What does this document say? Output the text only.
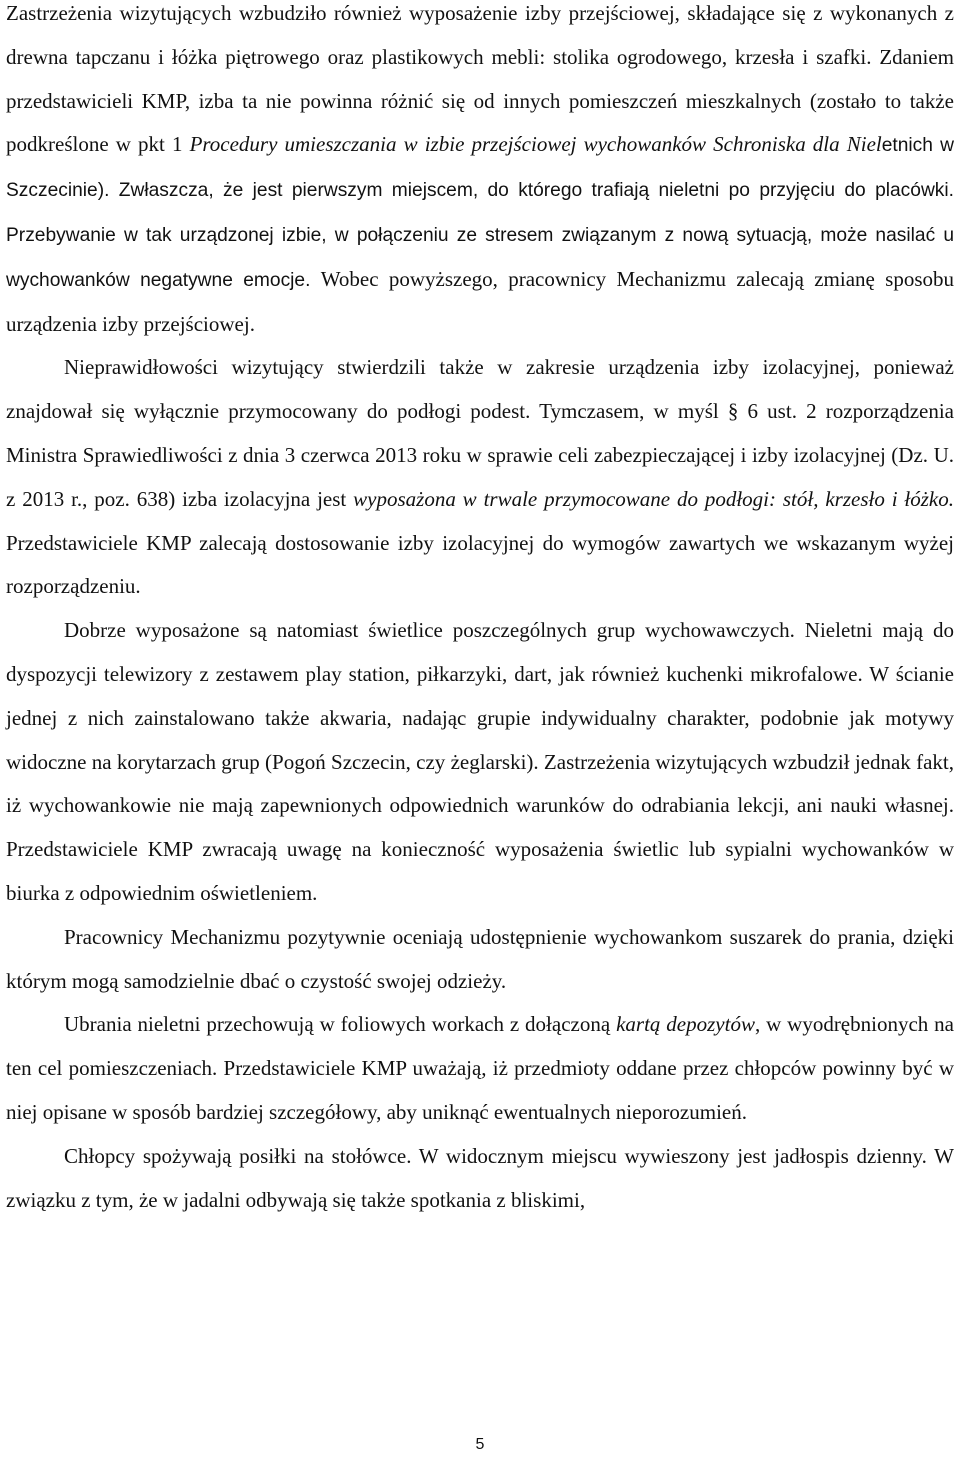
Zastrzeżenia wizytujących wzbudziło również wyposażenie izby przejściowej, składające się z wykonanych z drewna tapczanu i łóżka piętrowego oraz plastikowych mebli: stolika ogrodowego, krzesła i szafki. Zdaniem przedstawicieli KMP, izba ta nie powinna różnić się od innych pomieszczeń mieszkalnych (zostało to także podkreślone w pkt 1 Procedury umieszczania w izbie przejściowej wychowanków Schroniska dla Nieletnich w Szczecinie). Zwłaszcza, że jest pierwszym miejscem, do którego trafiają nieletni po przyjęciu do placówki. Przebywanie w tak urządzonej izbie, w połączeniu ze stresem związanym z nową sytuacją, może nasilać u wychowanków negatywne emocje. Wobec powyższego, pracownicy Mechanizmu zalecają zmianę sposobu urządzenia izby przejściowej.

Nieprawidłowości wizytujący stwierdzili także w zakresie urządzenia izby izolacyjnej, ponieważ znajdował się wyłącznie przymocowany do podłogi podest. Tymczasem, w myśl § 6 ust. 2 rozporządzenia Ministra Sprawiedliwości z dnia 3 czerwca 2013 roku w sprawie celi zabezpieczającej i izby izolacyjnej (Dz. U. z 2013 r., poz. 638) izba izolacyjna jest wyposażona w trwale przymocowane do podłogi: stół, krzesło i łóżko. Przedstawiciele KMP zalecają dostosowanie izby izolacyjnej do wymogów zawartych we wskazanym wyżej rozporządzeniu.

Dobrze wyposażone są natomiast świetlice poszczególnych grup wychowawczych. Nieletni mają do dyspozycji telewizory z zestawem play station, piłkarzyki, dart, jak również kuchenki mikrofalowe. W ścianie jednej z nich zainstalowano także akwaria, nadając grupie indywidualny charakter, podobnie jak motywy widoczne na korytarzach grup (Pogoń Szczecin, czy żeglarski). Zastrzeżenia wizytujących wzbudził jednak fakt, iż wychowankowie nie mają zapewnionych odpowiednich warunków do odrabiania lekcji, ani nauki własnej. Przedstawiciele KMP zwracają uwagę na konieczność wyposażenia świetlic lub sypialni wychowanków w biurka z odpowiednim oświetleniem.

Pracownicy Mechanizmu pozytywnie oceniają udostępnienie wychowankom suszarek do prania, dzięki którym mogą samodzielnie dbać o czystość swojej odzieży.

Ubrania nieletni przechowują w foliowych workach z dołączoną kartą depozytów, w wyodrębnionych na ten cel pomieszczeniach. Przedstawiciele KMP uważają, iż przedmioty oddane przez chłopców powinny być w niej opisane w sposób bardziej szczegółowy, aby uniknąć ewentualnych nieporozumień.

Chłopcy spożywają posiłki na stołówce. W widocznym miejscu wywieszony jest jadłospis dzienny. W związku z tym, że w jadalni odbywają się także spotkania z bliskimi,

5
